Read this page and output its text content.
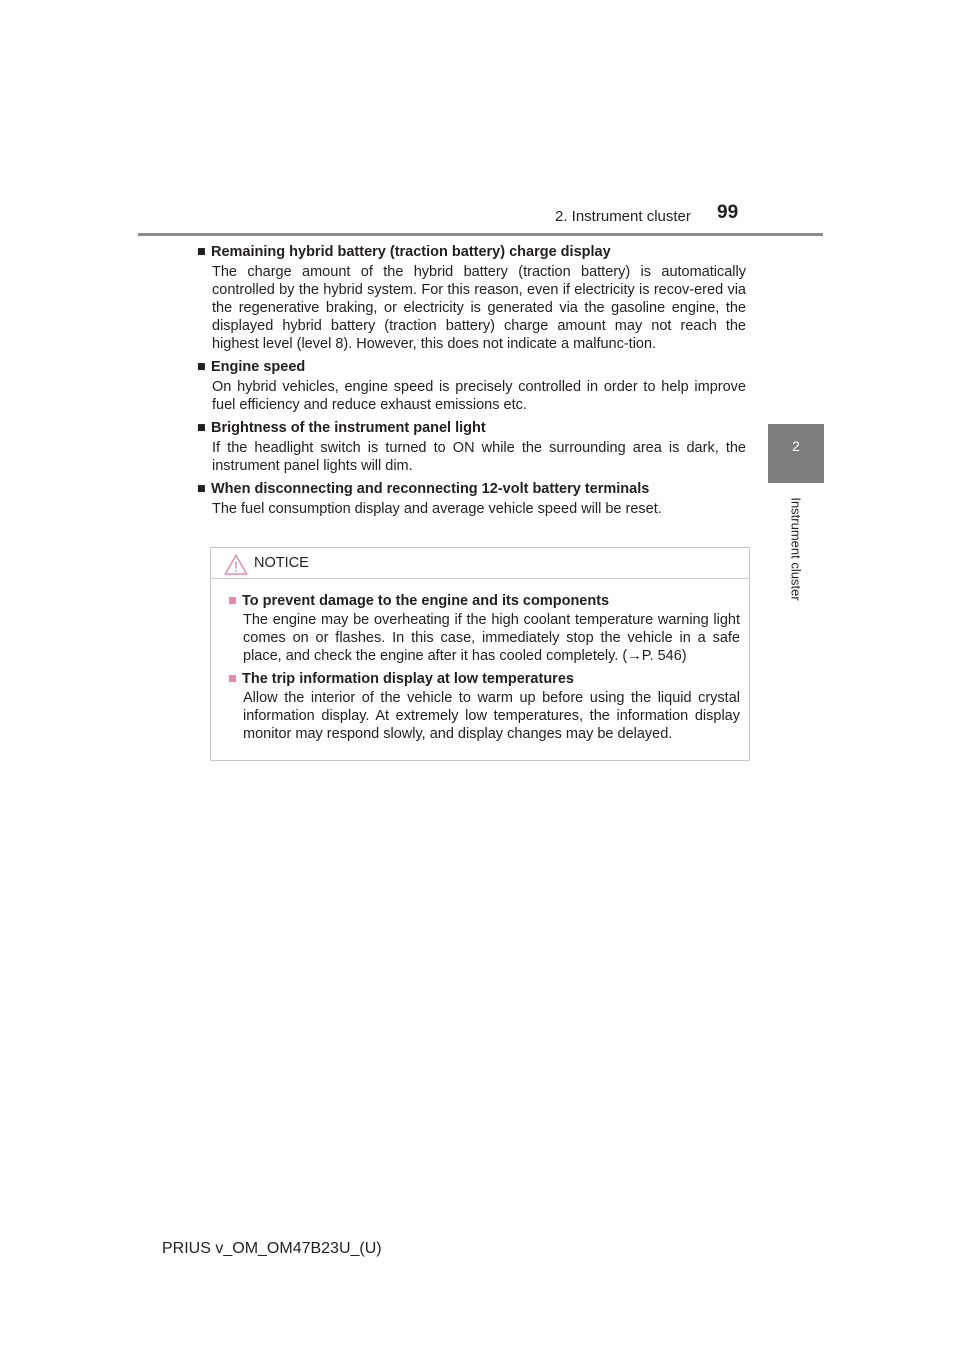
2. Instrument cluster 99
2
Instrument cluster
■ Remaining hybrid battery (traction battery) charge display
The charge amount of the hybrid battery (traction battery) is automatically controlled by the hybrid system. For this reason, even if electricity is recov-ered via the regenerative braking, or electricity is generated via the gasoline engine, the displayed hybrid battery (traction battery) charge amount may not reach the highest level (level 8). However, this does not indicate a malfunc-tion.
■ Engine speed
On hybrid vehicles, engine speed is precisely controlled in order to help improve fuel efficiency and reduce exhaust emissions etc.
■ Brightness of the instrument panel light
If the headlight switch is turned to ON while the surrounding area is dark, the instrument panel lights will dim.
■ When disconnecting and reconnecting 12-volt battery terminals
The fuel consumption display and average vehicle speed will be reset.
NOTICE
■ To prevent damage to the engine and its components
The engine may be overheating if the high coolant temperature warning light comes on or flashes. In this case, immediately stop the vehicle in a safe place, and check the engine after it has cooled completely. (→P. 546)
■ The trip information display at low temperatures
Allow the interior of the vehicle to warm up before using the liquid crystal information display. At extremely low temperatures, the information display monitor may respond slowly, and display changes may be delayed.
PRIUS v_OM_OM47B23U_(U)
